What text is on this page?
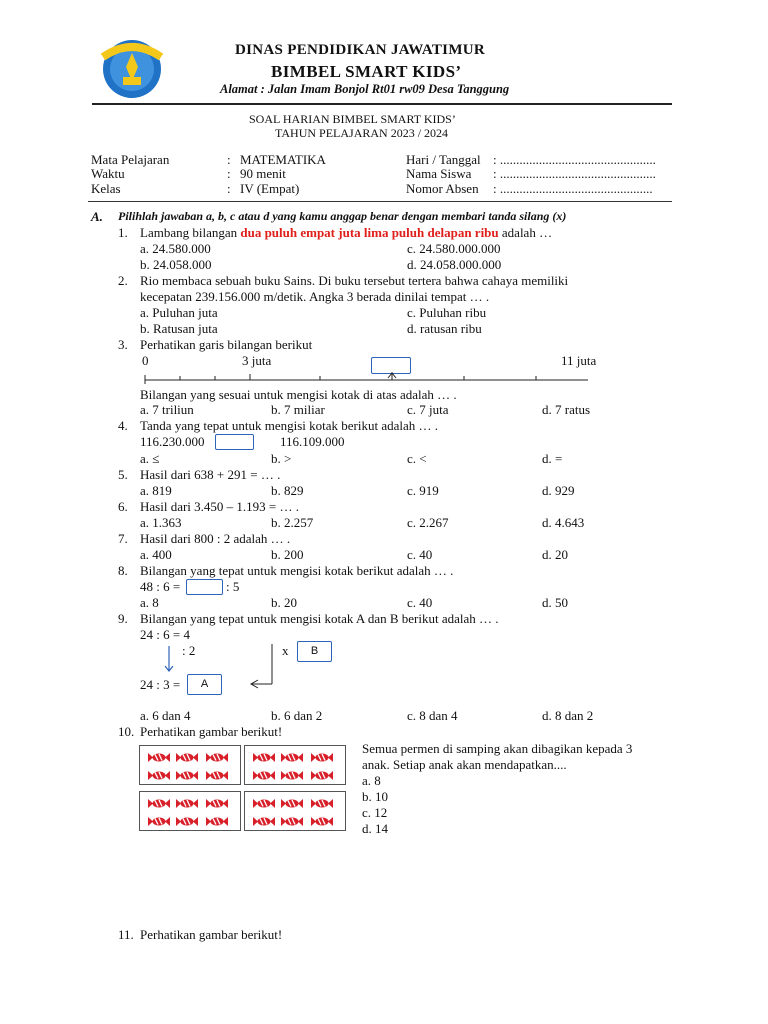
DINAS PENDIDIKAN JAWATIMUR
BIMBEL SMART KIDS’
Alamat : Jalan Imam Bonjol Rt01 rw09 Desa Tanggung
SOAL HARIAN BIMBEL SMART KIDS’
TAHUN PELAJARAN 2023 / 2024
Mata Pelajaran	: MATEMATIKA
Waktu	: 90 menit
Kelas	: IV (Empat)
Hari / Tanggal : ................................................
Nama Siswa : ................................................
Nomor Absen : ...............................................
A. Pilihlah jawaban a, b, c atau d yang kamu anggap benar dengan membari tanda silang (x)
1. Lambang bilangan dua puluh empat juta lima puluh delapan ribu adalah …
a. 24.580.000	c. 24.580.000.000
b. 24.058.000	d. 24.058.000.000
2. Rio membaca sebuah buku Sains. Di buku tersebut tertera bahwa cahaya memiliki
kecepatan 239.156.000 m/detik. Angka 3 berada dinilai tempat … .
a. Puluhan juta	c. Puluhan ribu
b. Ratusan juta	d. ratusan ribu
3. Perhatikan garis bilangan berikut
0	3 juta	11 juta
Bilangan yang sesuai untuk mengisi kotak di atas adalah … .
a. 7 triliun	b. 7 miliar	c. 7 juta	d. 7 ratus
4. Tanda yang tepat untuk mengisi kotak berikut adalah … .
116.230.000	116.109.000
a. ≤	b. >	c. <	d. =
5. Hasil dari 638 + 291 = … .
a. 819	b. 829	c. 919	d. 929
6. Hasil dari 3.450 – 1.193 = … .
a. 1.363	b. 2.257	c. 2.267	d. 4.643
7. Hasil dari 800 : 2 adalah … .
a. 400	b. 200	c. 40	d. 20
8. Bilangan yang tepat untuk mengisi kotak berikut adalah … .
48 : 6 =	: 5
a. 8	b. 20	c. 40	d. 50
9. Bilangan yang tepat untuk mengisi kotak A dan B berikut adalah … .
24 : 6 = 4
: 2	x	B
24 : 3 =	A
a. 6 dan 4	b. 6 dan 2	c. 8 dan 4	d. 8 dan 2
10. Perhatikan gambar berikut!
Semua permen di samping akan dibagikan kepada 3
anak. Setiap anak akan mendapatkan....
a. 8
b. 10
c. 12
d. 14
11. Perhatikan gambar berikut!
